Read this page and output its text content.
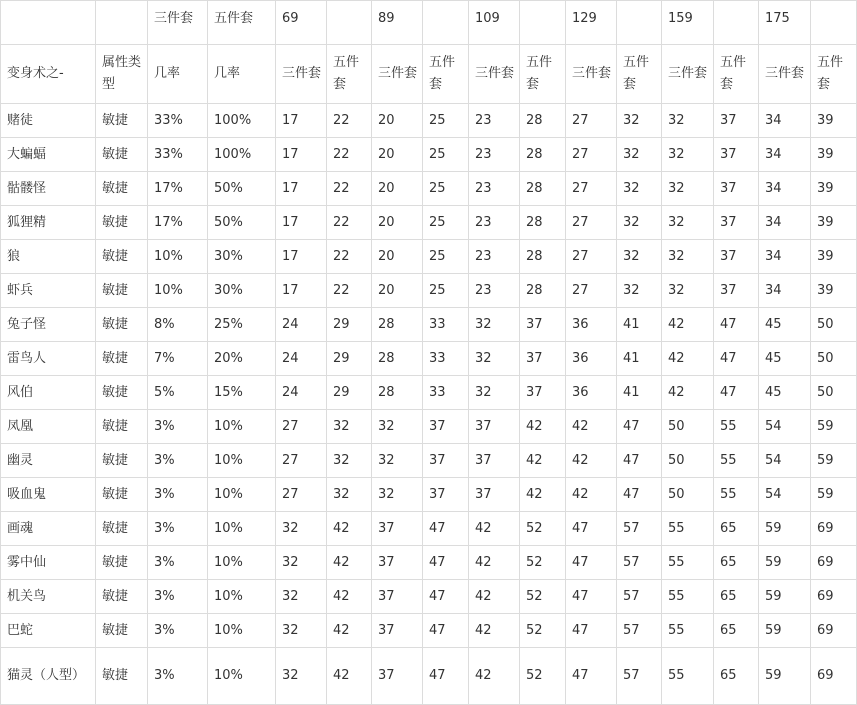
		三件套	五件套	69		89		109		129		159		175	
变身术之-	属性类型	几率	几率	三件套	五件套	三件套	五件套	三件套	五件套	三件套	五件套	三件套	五件套	三件套	五件套
赌徒	敏捷	33%	100%	17	22	20	25	23	28	27	32	32	37	34	39
大蝙蝠	敏捷	33%	100%	17	22	20	25	23	28	27	32	32	37	34	39
骷髅怪	敏捷	17%	50%	17	22	20	25	23	28	27	32	32	37	34	39
狐狸精	敏捷	17%	50%	17	22	20	25	23	28	27	32	32	37	34	39
狼	敏捷	10%	30%	17	22	20	25	23	28	27	32	32	37	34	39
虾兵	敏捷	10%	30%	17	22	20	25	23	28	27	32	32	37	34	39
兔子怪	敏捷	8%	25%	24	29	28	33	32	37	36	41	42	47	45	50
雷鸟人	敏捷	7%	20%	24	29	28	33	32	37	36	41	42	47	45	50
风伯	敏捷	5%	15%	24	29	28	33	32	37	36	41	42	47	45	50
凤凰	敏捷	3%	10%	27	32	32	37	37	42	42	47	50	55	54	59
幽灵	敏捷	3%	10%	27	32	32	37	37	42	42	47	50	55	54	59
吸血鬼	敏捷	3%	10%	27	32	32	37	37	42	42	47	50	55	54	59
画魂	敏捷	3%	10%	32	42	37	47	42	52	47	57	55	65	59	69
雾中仙	敏捷	3%	10%	32	42	37	47	42	52	47	57	55	65	59	69
机关鸟	敏捷	3%	10%	32	42	37	47	42	52	47	57	55	65	59	69
巴蛇	敏捷	3%	10%	32	42	37	47	42	52	47	57	55	65	59	69
猫灵（人型）	敏捷	3%	10%	32	42	37	47	42	52	47	57	55	65	59	69
